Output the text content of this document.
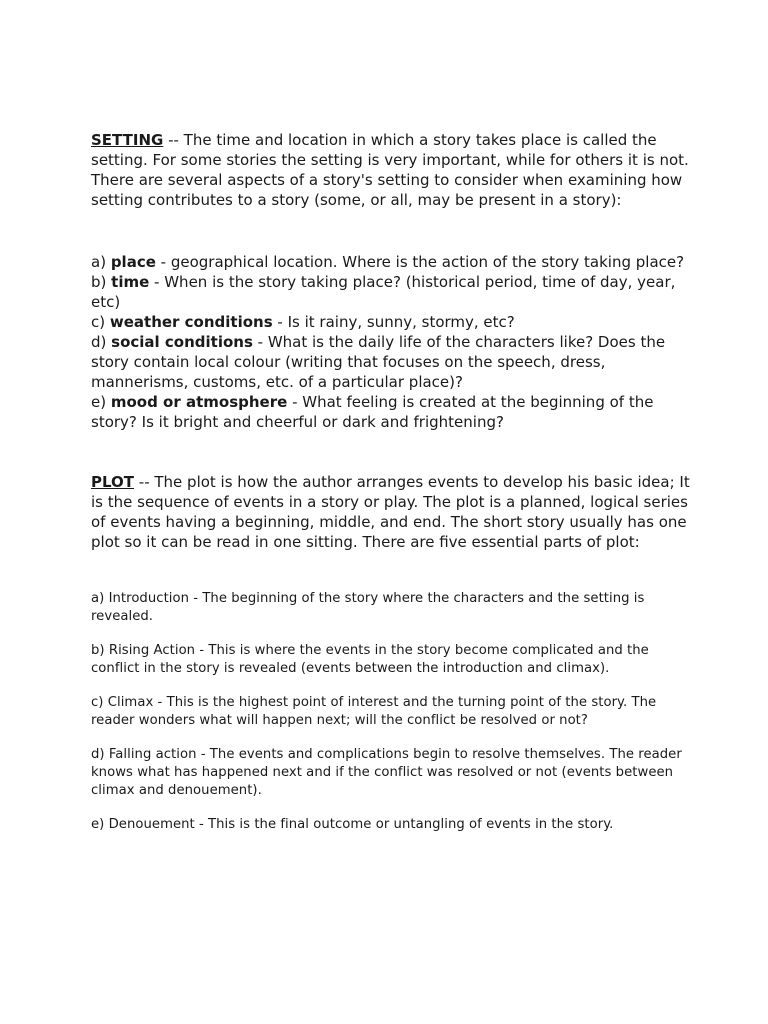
SETTING -- The time and location in which a story takes place is called the setting. For some stories the setting is very important, while for others it is not. There are several aspects of a story's setting to consider when examining how setting contributes to a story (some, or all, may be present in a story):

a) place - geographical location. Where is the action of the story taking place?

b) time - When is the story taking place? (historical period, time of day, year, etc)

c) weather conditions - Is it rainy, sunny, stormy, etc?

d) social conditions - What is the daily life of the characters like? Does the story contain local colour (writing that focuses on the speech, dress, mannerisms, customs, etc. of a particular place)?

e) mood or atmosphere - What feeling is created at the beginning of the story? Is it bright and cheerful or dark and frightening?

PLOT -- The plot is how the author arranges events to develop his basic idea; It is the sequence of events in a story or play. The plot is a planned, logical series of events having a beginning, middle, and end. The short story usually has one plot so it can be read in one sitting. There are five essential parts of plot:

a) Introduction - The beginning of the story where the characters and the setting is revealed.

b) Rising Action - This is where the events in the story become complicated and the conflict in the story is revealed (events between the introduction and climax).

c) Climax - This is the highest point of interest and the turning point of the story. The reader wonders what will happen next; will the conflict be resolved or not?

d) Falling action - The events and complications begin to resolve themselves. The reader knows what has happened next and if the conflict was resolved or not (events between climax and denouement).

e) Denouement - This is the final outcome or untangling of events in the story.
